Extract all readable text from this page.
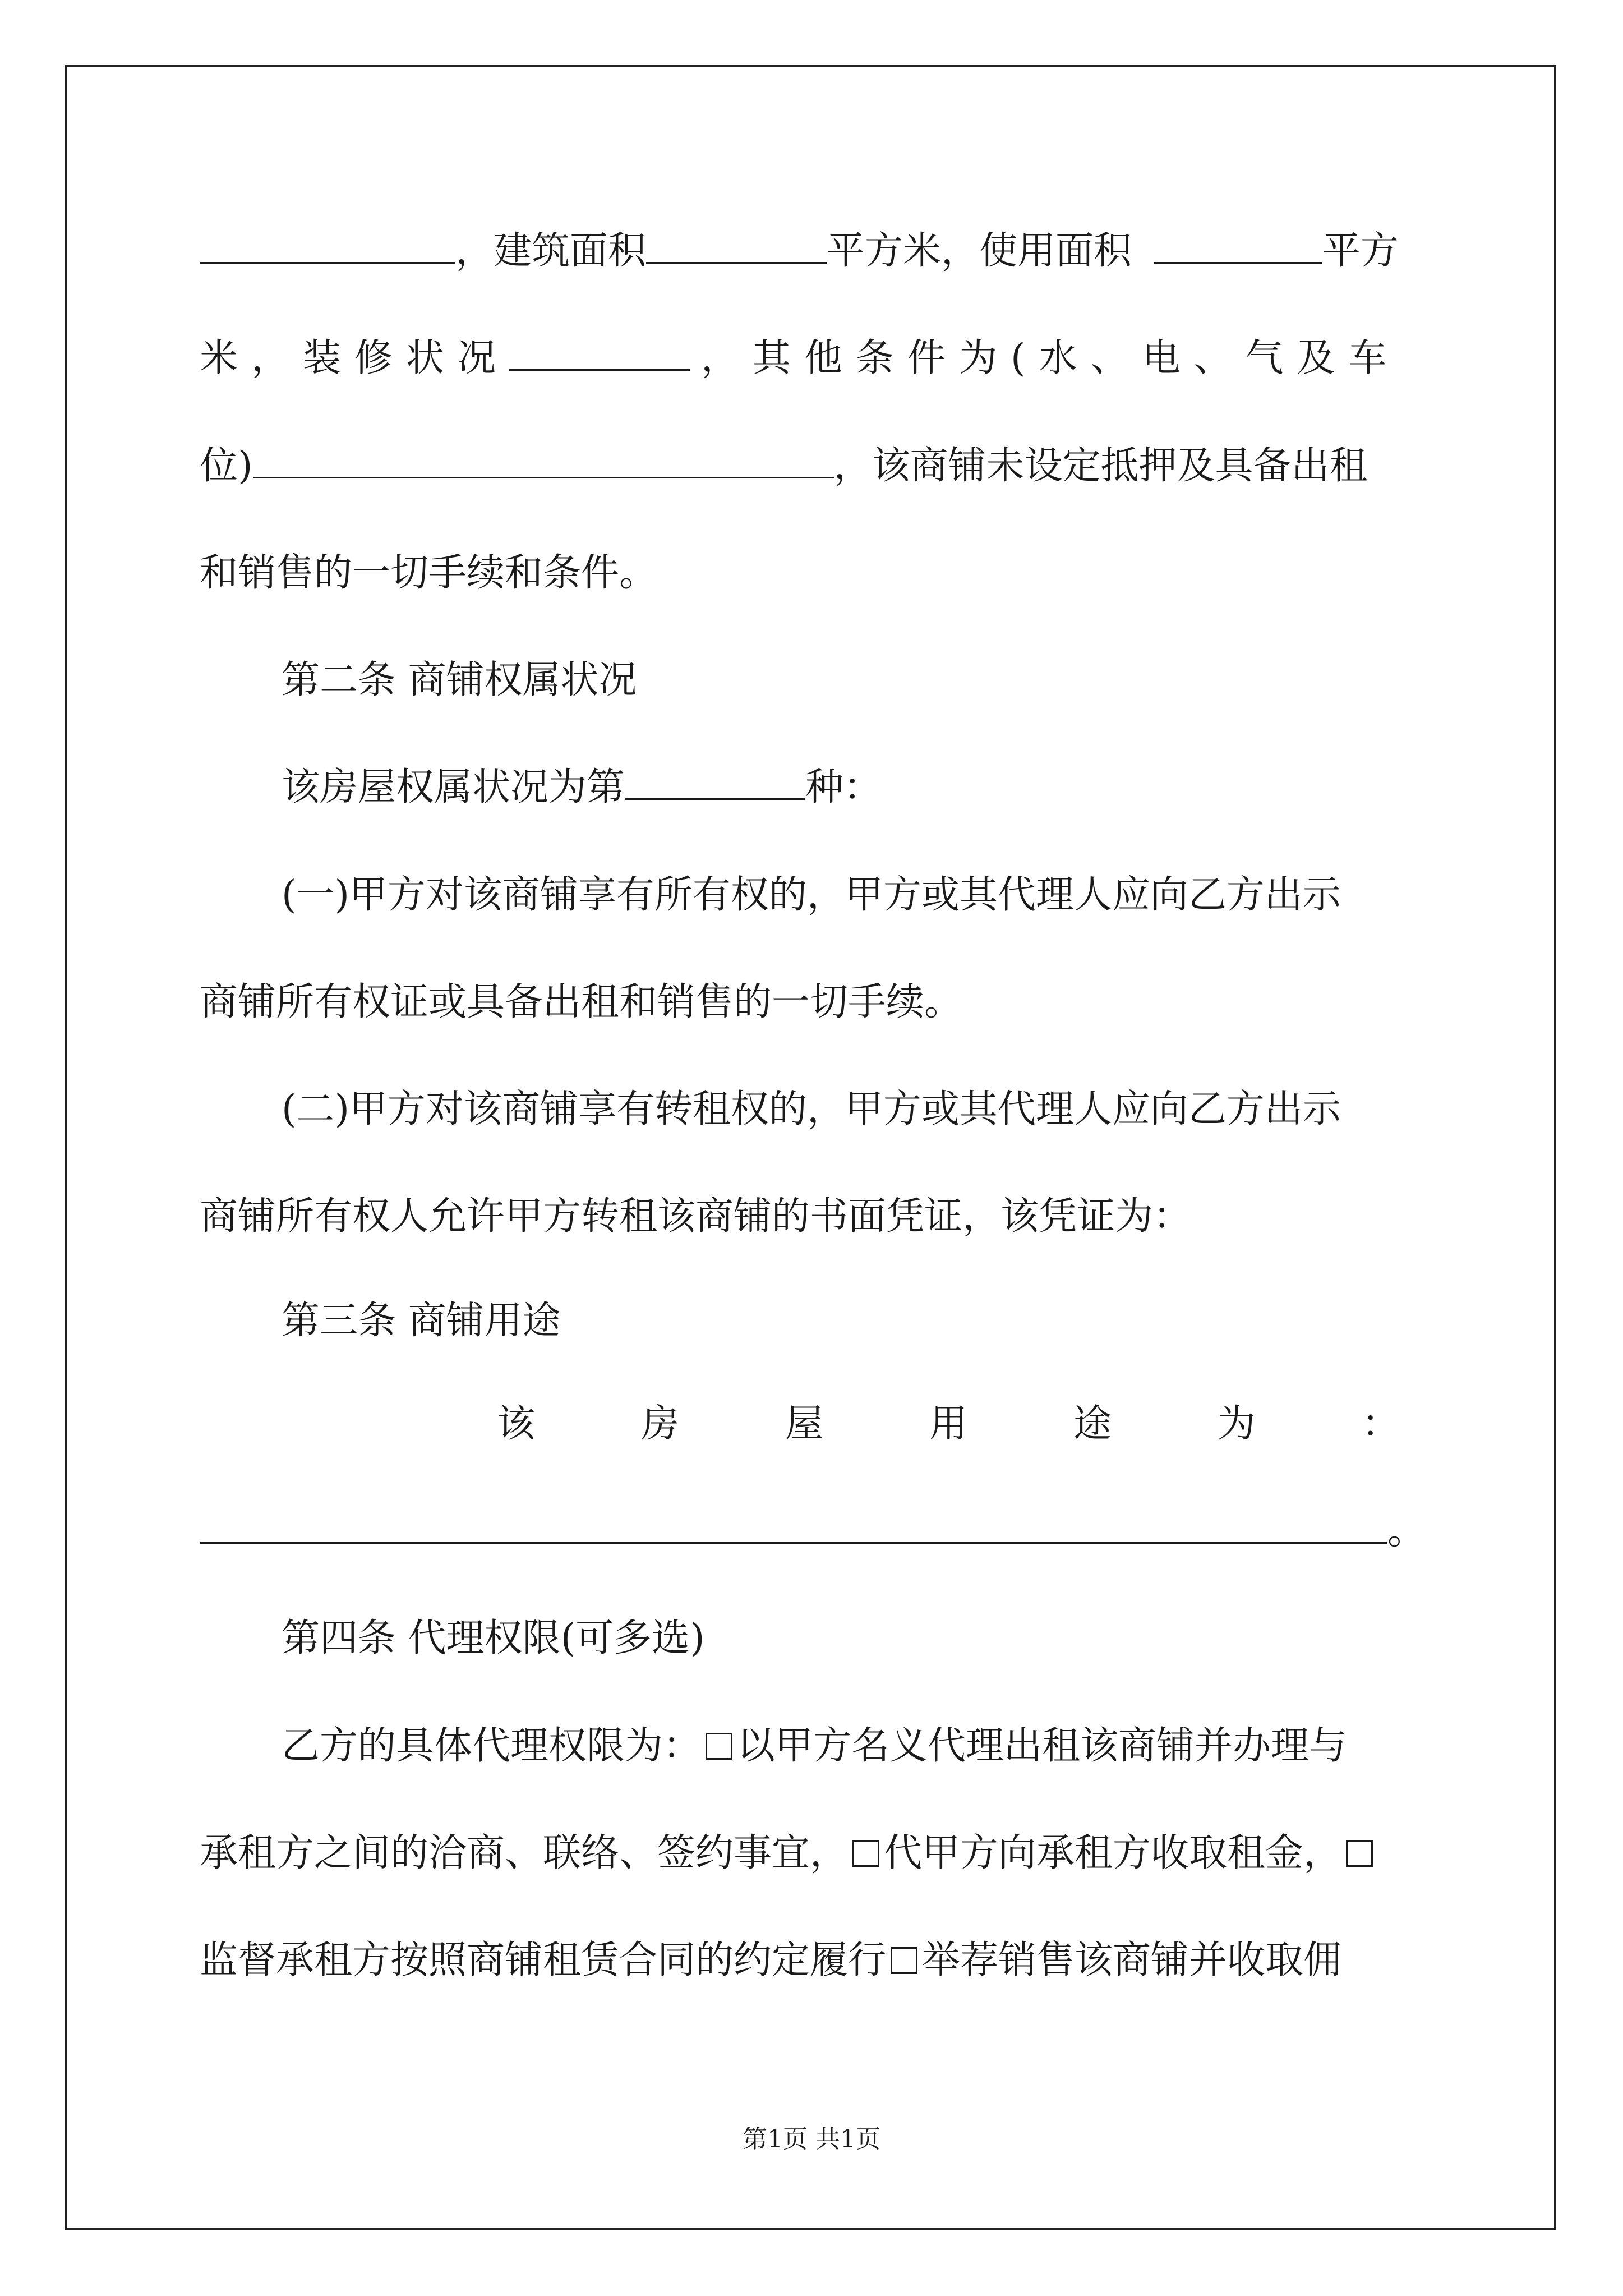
，建筑面积	平方米，使用面积	平方
米，装修状况	，其他条件为(水、电、气及车
位)	，该商铺未设定抵押及具备出租
和销售的一切手续和条件。
第二条 商铺权属状况
该房屋权属状况为第	种：
(一)甲方对该商铺享有所有权的，甲方或其代理人应向乙方出示
商铺所有权证或具备出租和销售的一切手续。
(二)甲方对该商铺享有转租权的，甲方或其代理人应向乙方出示
商铺所有权人允许甲方转租该商铺的书面凭证，该凭证为：
第三条 商铺用途
该	房	屋	用	途	为	：
。
第四条 代理权限(可多选)
乙方的具体代理权限为： 以甲方名义代理出租该商铺并办理与
承租方之间的洽商、联络、签约事宜， 代甲方向承租方收取租金，
监督承租方按照商铺租赁合同的约定履行 举荐销售该商铺并收取佣
第1页 共1页
